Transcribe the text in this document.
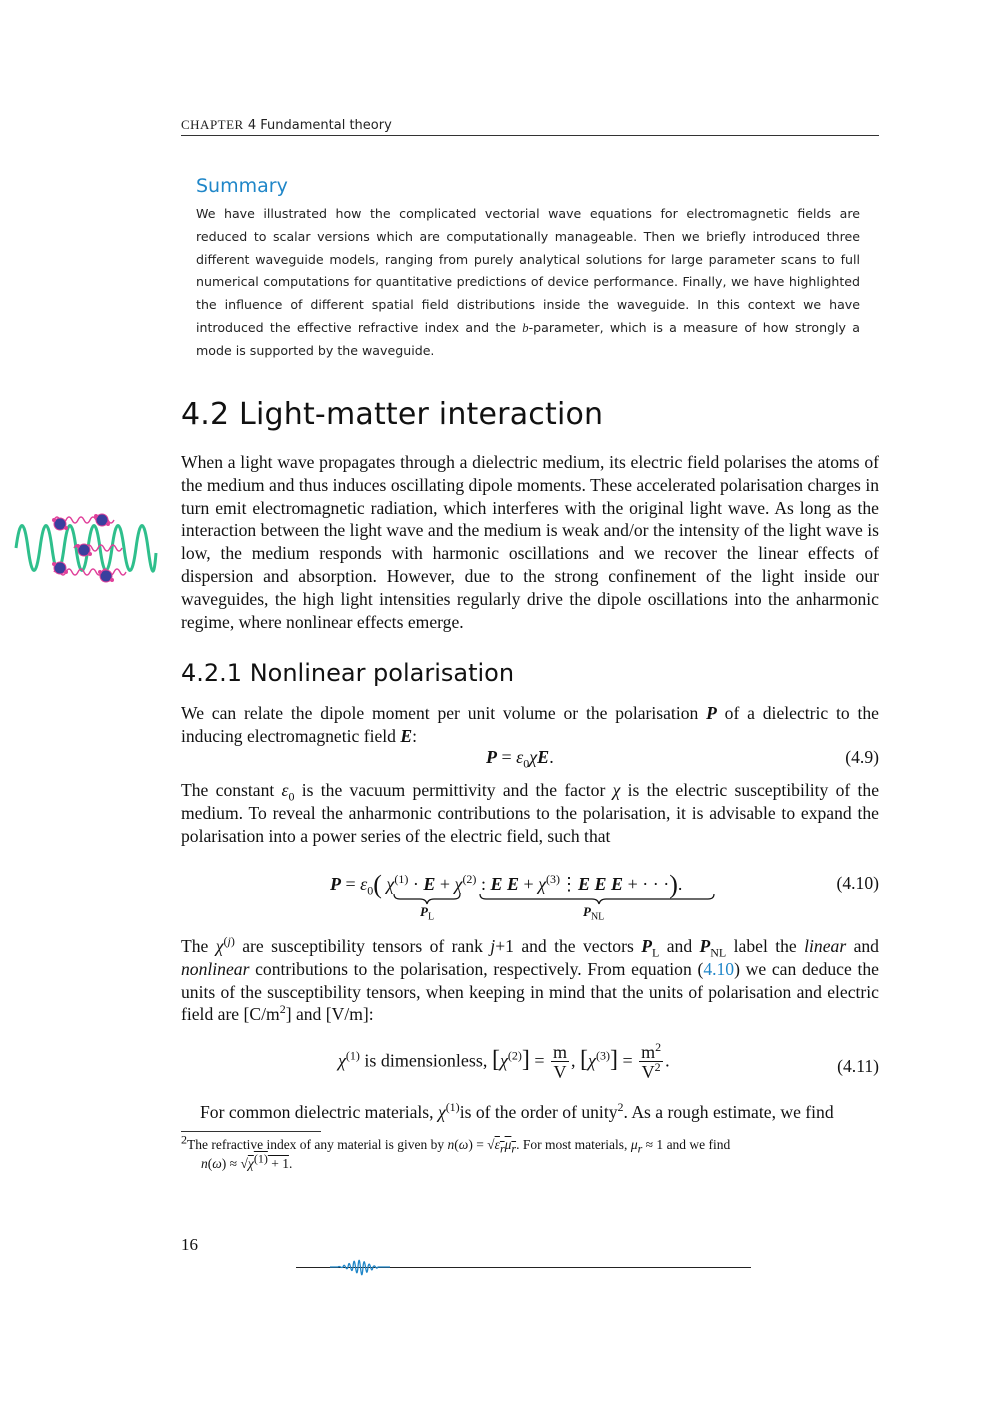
CHAPTER 4 Fundamental theory
Summary

We have illustrated how the complicated vectorial wave equations for electromagnetic fields are reduced to scalar versions which are computationally manageable. Then we briefly introduced three different waveguide models, ranging from purely analytical solutions for large parameter scans to full numerical computations for quantitative predictions of device performance. Finally, we have highlighted the influence of different spatial field distributions inside the waveguide. In this context we have introduced the effective refractive index and the b-parameter, which is a measure of how strongly a mode is supported by the waveguide.

4.2 Light-matter interaction

When a light wave propagates through a dielectric medium, its electric field polarises the atoms of the medium and thus induces oscillating dipole moments. These accelerated polarisation charges in turn emit electromagnetic radiation, which interferes with the original light wave. As long as the interaction between the light wave and the medium is weak and/or the intensity of the light wave is low, the medium responds with harmonic oscillations and we recover the linear effects of dispersion and absorption. However, due to the strong confinement of the light inside our waveguides, the high light intensities regularly drive the dipole oscillations into the anharmonic regime, where nonlinear effects emerge.

4.2.1 Nonlinear polarisation

We can relate the dipole moment per unit volume or the polarisation P of a dielectric to the inducing electromagnetic field E:

$P = \varepsilon_0\chi E$.	(4.9)

The constant $\varepsilon_0$ is the vacuum permittivity and the factor χ is the electric susceptibility of the medium. To reveal the anharmonic contributions to the polarisation, it is advisable to expand the polarisation into a power series of the electric field, such that

$P = \varepsilon_0$( $\chi^{(1)} \cdot E + \chi^{(2)}$ : E $E + \chi^{(3)}⋮E$ E E + · · ·).
$P_L$	$P_{NL}$
(4.10)

The $\chi^{(j)}$ are susceptibility tensors of rank j+1 and the vectors $P_L$ and $P_{NL}$ label the linear and nonlinear contributions to the polarisation, respectively. From equation (4.10) we can deduce the units of the susceptibility tensors, when keeping in mind that the units of polarisation and electric field are $[C/m^2]$ and [V/m]:

$\chi^{(1)}$ is dimensionless, $[\chi^{(2)}] = \frac{m}{V}$ , $[\chi^{(3)}] = \frac{m^2}{V^2}$ .	(4.11)

For common dielectric materials, $\chi^{(1)}is$ of the order of unity$^2$. As a rough estimate, we find

$^2$The refractive index of any material is given by $n(\omega) = √\varepsilon_r\mu_r$. For most materials, $\mu_r \approx 1$ and we find
$n(\omega) \approx √\chi^{(1)} + 1$.

16
